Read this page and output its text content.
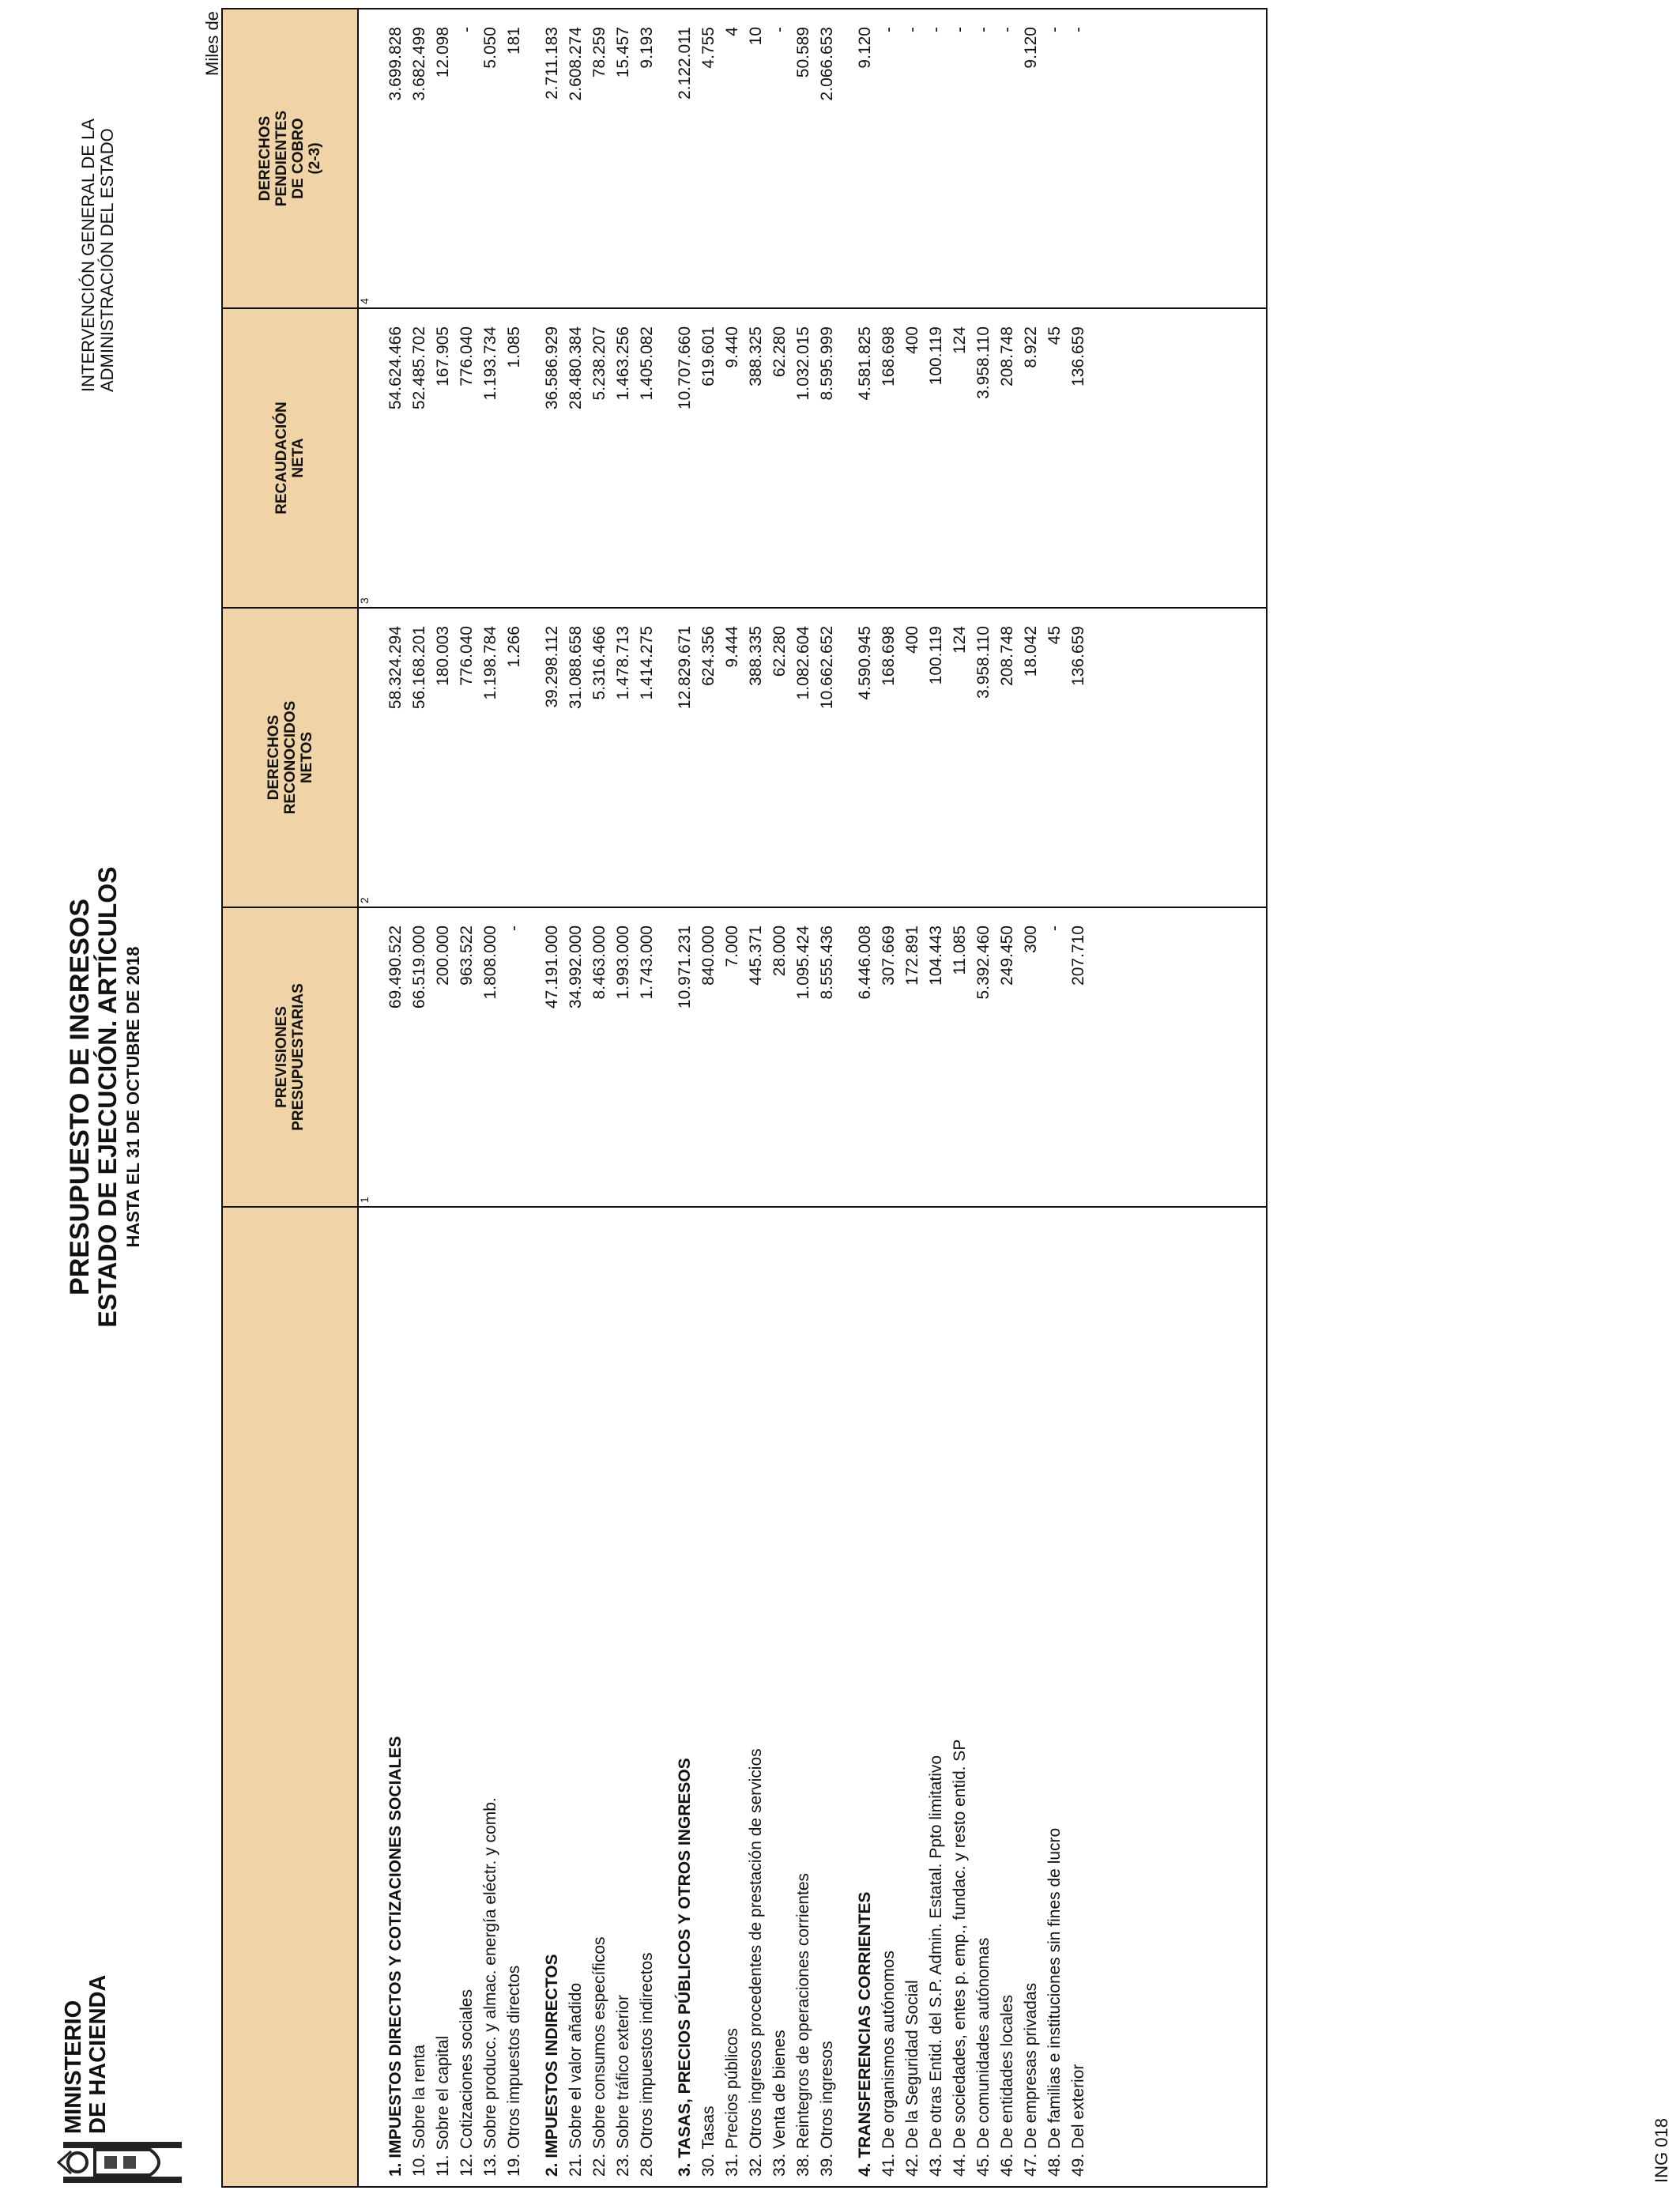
MINISTERIO DE HACIENDA
PRESUPUESTO DE INGRESOS
ESTADO DE EJECUCIÓN. ARTÍCULOS HASTA EL 31 DE OCTUBRE DE 2018
INTERVENCIÓN GENERAL DE LA ADMINISTRACIÓN DEL ESTADO
Miles de
ING 018
	PREVISIONES
PRESUPUESTARIAS	DERECHOS
RECONOCIDOS
NETOS	RECAUDACIÓN
NETA	DERECHOS
PENDIENTES
DE COBRO
(2-3)
	1	2	3	4

1. IMPUESTOS DIRECTOS Y COTIZACIONES SOCIALES	69.490.522	58.324.294	54.624.466	3.699.828
10. Sobre la renta	66.519.000	56.168.201	52.485.702	3.682.499
11. Sobre el capital	200.000	180.003	167.905	12.098
12. Cotizaciones sociales	963.522	776.040	776.040	-
13. Sobre producc. y almac. energía eléctr. y comb.	1.808.000	1.198.784	1.193.734	5.050
19. Otros impuestos directos	-	1.266	1.085	181

2. IMPUESTOS INDIRECTOS	47.191.000	39.298.112	36.586.929	2.711.183
21. Sobre el valor añadido	34.992.000	31.088.658	28.480.384	2.608.274
22. Sobre consumos específicos	8.463.000	5.316.466	5.238.207	78.259
23. Sobre tráfico exterior	1.993.000	1.478.713	1.463.256	15.457
28. Otros impuestos indirectos	1.743.000	1.414.275	1.405.082	9.193

3. TASAS, PRECIOS PÚBLICOS Y OTROS INGRESOS	10.971.231	12.829.671	10.707.660	2.122.011
30. Tasas	840.000	624.356	619.601	4.755
31. Precios públicos	7.000	9.444	9.440	4
32. Otros ingresos procedentes de prestación de servicios	445.371	388.335	388.325	10
33. Venta de bienes	28.000	62.280	62.280	-
38. Reintegros de operaciones corrientes	1.095.424	1.082.604	1.032.015	50.589
39. Otros ingresos	8.555.436	10.662.652	8.595.999	2.066.653

4. TRANSFERENCIAS CORRIENTES	6.446.008	4.590.945	4.581.825	9.120
41. De organismos autónomos	307.669	168.698	168.698	-
42. De la Seguridad Social	172.891	400	400	-
43. De otras Entid. del S.P. Admin. Estatal. Ppto limitativo	104.443	100.119	100.119	-
44. De sociedades, entes p. emp., fundac. y resto entid. SP	11.085	124	124	-
45. De comunidades autónomas	5.392.460	3.958.110	3.958.110	-
46. De entidades locales	249.450	208.748	208.748	-
47. De empresas privadas	300	18.042	8.922	9.120
48. De familias e instituciones sin fines de lucro	-	45	45	-
49. Del exterior	207.710	136.659	136.659	-
